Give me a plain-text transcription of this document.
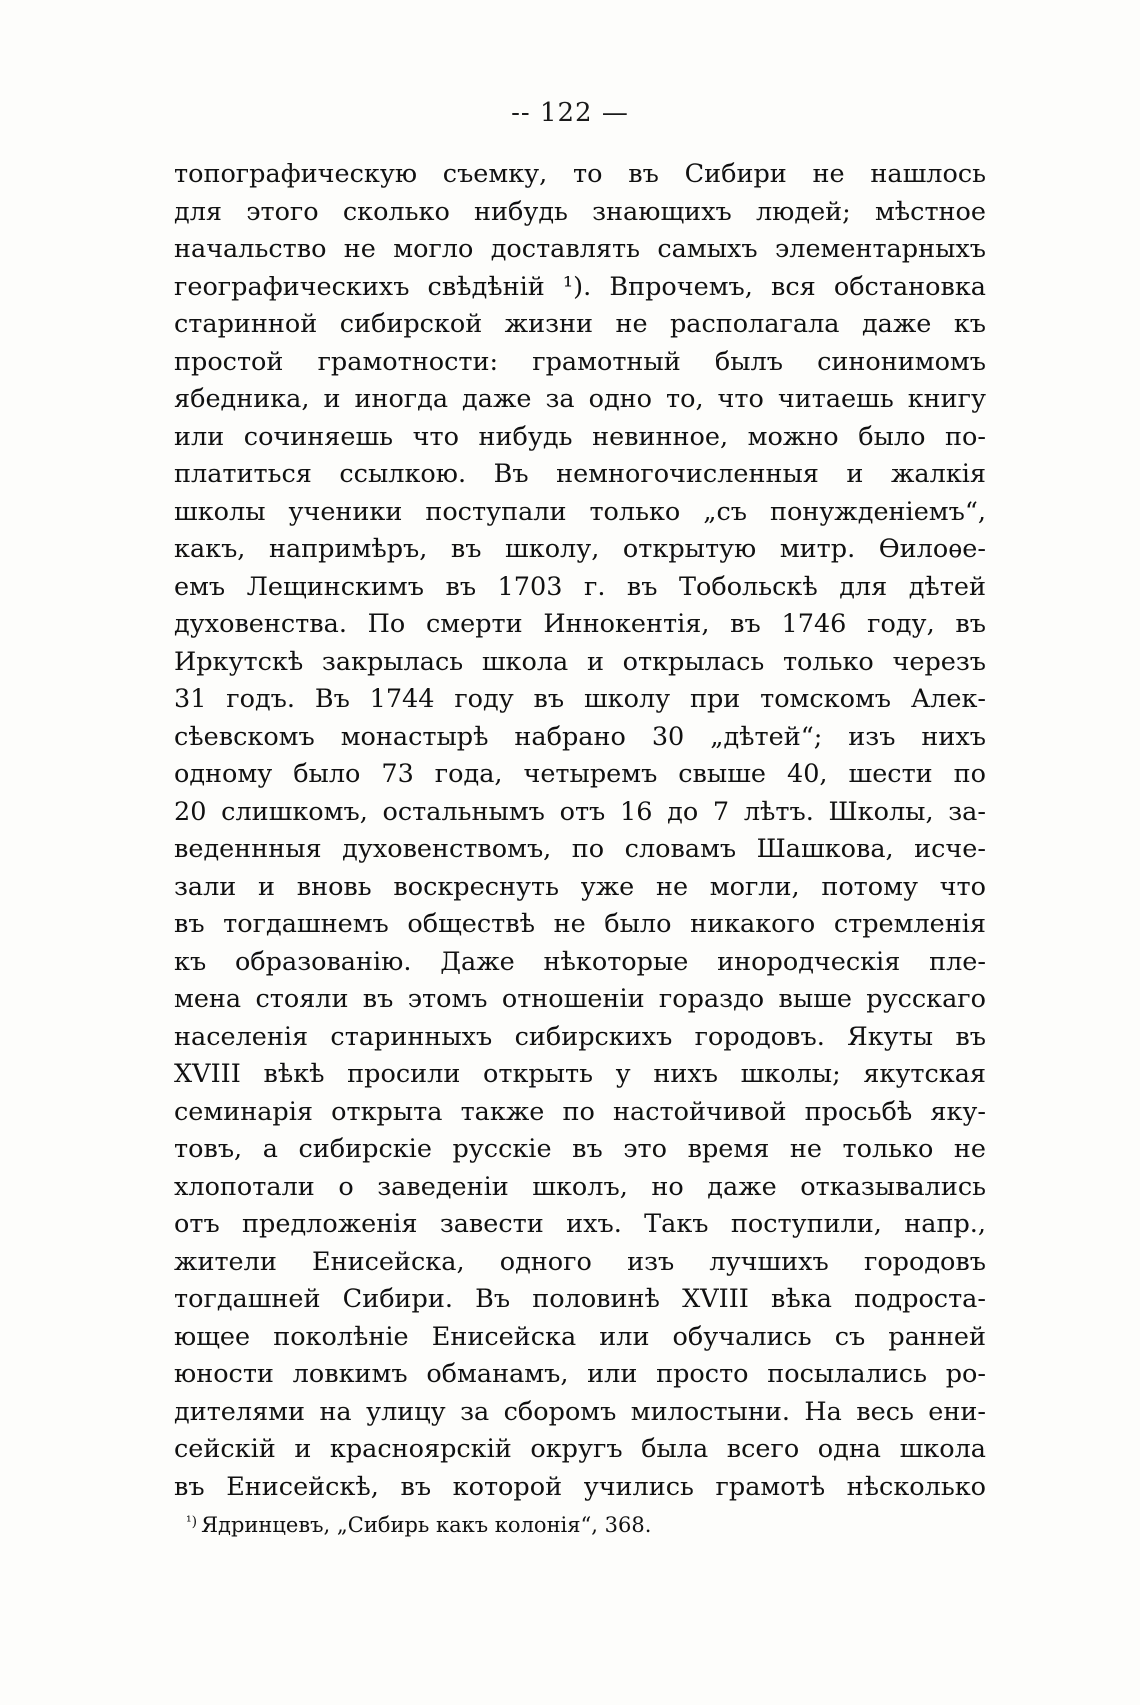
-- 122 —
топографическую съемку, то въ Сибири не нашлось
для этого сколько нибудь знающихъ людей; мѣстное
начальство не могло доставлять самыхъ элементарныхъ
географическихъ свѣдѣній ¹). Впрочемъ, вся обстановка
старинной сибирской жизни не располагала даже къ
простой грамотности: грамотный былъ синонимомъ
ябедника, и иногда даже за одно то, что читаешь книгу
или сочиняешь что нибудь невинное, можно было по-
платиться ссылкою. Въ немногочисленныя и жалкія
школы ученики поступали только „съ понужденіемъ“,
какъ, напримѣръ, въ школу, открытую митр. Ѳилоѳе-
емъ Лещинскимъ въ 1703 г. въ Тобольскѣ для дѣтей
духовенства. По смерти Иннокентія, въ 1746 году, въ
Иркутскѣ закрылась школа и открылась только черезъ
31 годъ. Въ 1744 году въ школу при томскомъ Алек-
сѣевскомъ монастырѣ набрано 30 „дѣтей“; изъ нихъ
одному было 73 года, четыремъ свыше 40, шести по
20 слишкомъ, остальнымъ отъ 16 до 7 лѣтъ. Школы, за-
веденнныя духовенствомъ, по словамъ Шашкова, исче-
зали и вновь воскреснуть уже не могли, потому что
въ тогдашнемъ обществѣ не было никакого стремленія
къ образованію. Даже нѣкоторые инородческія пле-
мена стояли въ этомъ отношеніи гораздо выше русскаго
населенія старинныхъ сибирскихъ городовъ. Якуты въ
XVIII вѣкѣ просили открыть у нихъ школы; якутская
семинарія открыта также по настойчивой просьбѣ яку-
товъ, а сибирскіе русскіе въ это время не только не
хлопотали о заведеніи школъ, но даже отказывались
отъ предложенія завести ихъ. Такъ поступили, напр.,
жители Енисейска, одного изъ лучшихъ городовъ
тогдашней Сибири. Въ половинѣ XVIII вѣка подроста-
ющее поколѣніе Енисейска или обучались съ ранней
юности ловкимъ обманамъ, или просто посылались ро-
дителями на улицу за сборомъ милостыни. На весь ени-
сейскій и красноярскій округъ была всего одна школа
въ Енисейскѣ, въ которой учились грамотѣ нѣсколько
$^{^1)}$ Ядринцевъ, „Сибирь какъ колонія“, 368.
